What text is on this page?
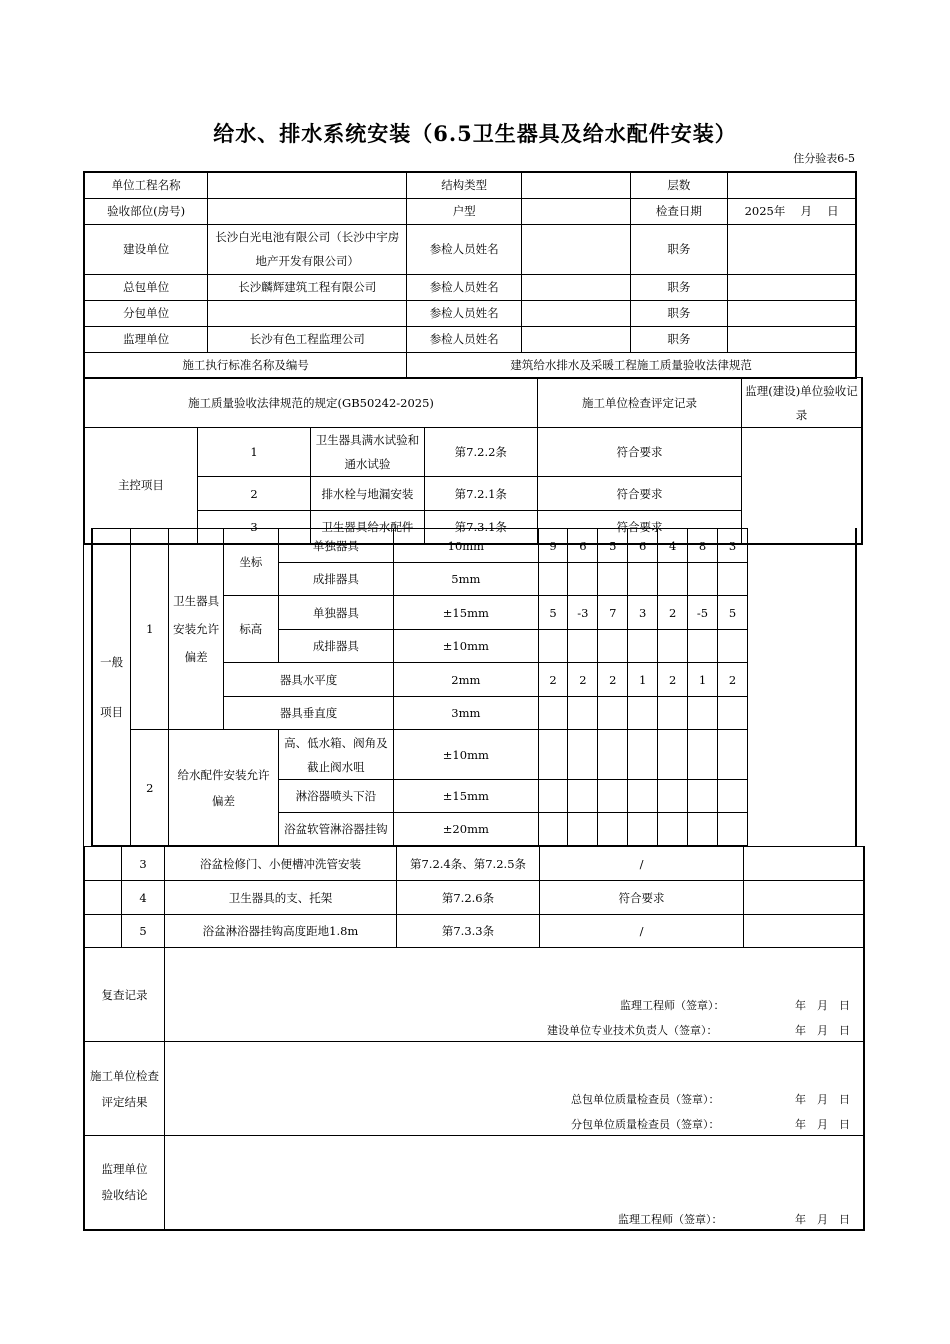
给水、排水系统安装（6.5卫生器具及给水配件安装）
住分验表6-5
单位工程名称		结构类型		层数	
验收部位(房号)		户型		检查日期	2025年　 月　 日
建设单位	长沙白光电池有限公司（长沙中宇房地产开发有限公司）	参检人员姓名		职务	
总包单位	长沙麟辉建筑工程有限公司	参检人员姓名		职务	
分包单位		参检人员姓名		职务	
监理单位	长沙有色工程监理公司	参检人员姓名		职务	
施工执行标准名称及编号		建筑给水排水及采暖工程施工质量验收法律规范			
施工质量验收法律规范的规定(GB50242-2025)				施工单位检查评定记录	监理(建设)单位验收记录
主控项目	1	卫生器具满水试验和通水试验	第7.2.2条	符合要求	
	2	排水栓与地漏安装	第7.2.1条	符合要求	
	3	卫生器具给水配件	第7.3.1条	符合要求	
一般项目	1	卫生器具安装允许偏差	坐标	单独器具	10mm	9	6	5	6	4	8	3
				成排器具	5mm							
			标高	单独器具	±15mm	5	-3	7	3	2	-5	5
				成排器具	±10mm							
			器具水平度		2mm	2	2	2	1	2	1	2
			器具垂直度		3mm							
	2	给水配件安装允许偏差		高、低水箱、阀角及截止阀水咀	±10mm							
				淋浴器喷头下沿	±15mm							
				浴盆软管淋浴器挂钩	±20mm							
	3	浴盆检修门、小便槽冲洗管安装	第7.2.4条、第7.2.5条	/	
	4	卫生器具的支、托架	第7.2.6条	符合要求	
	5	浴盆淋浴器挂钩高度距地1.8m	第7.3.3条	/	
复查记录					
施工单位检查评定结果					
监理单位验收结论					
监理工程师（签章）：	年　月　日
建设单位专业技术负责人（签章）：	年　月　日
总包单位质量检查员（签章）：	年　月　日
分包单位质量检查员（签章）：	年　月　日
监理工程师（签章）：	年　月　日
